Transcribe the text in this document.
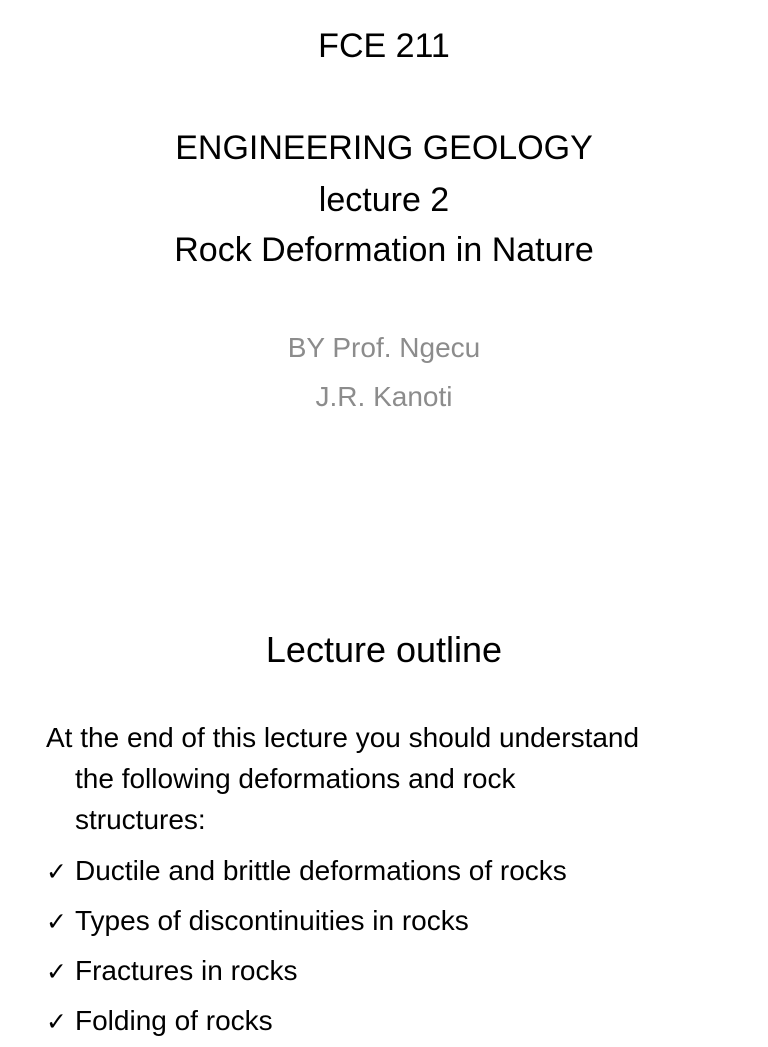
FCE 211
ENGINEERING GEOLOGY
lecture 2
Rock Deformation in Nature
BY Prof. Ngecu
J.R. Kanoti
Lecture outline
At the end of this lecture you should understand
the following deformations and rock
structures:
✓ Ductile and brittle deformations of rocks
✓ Types of discontinuities in rocks
✓ Fractures in rocks
✓ Folding of rocks
